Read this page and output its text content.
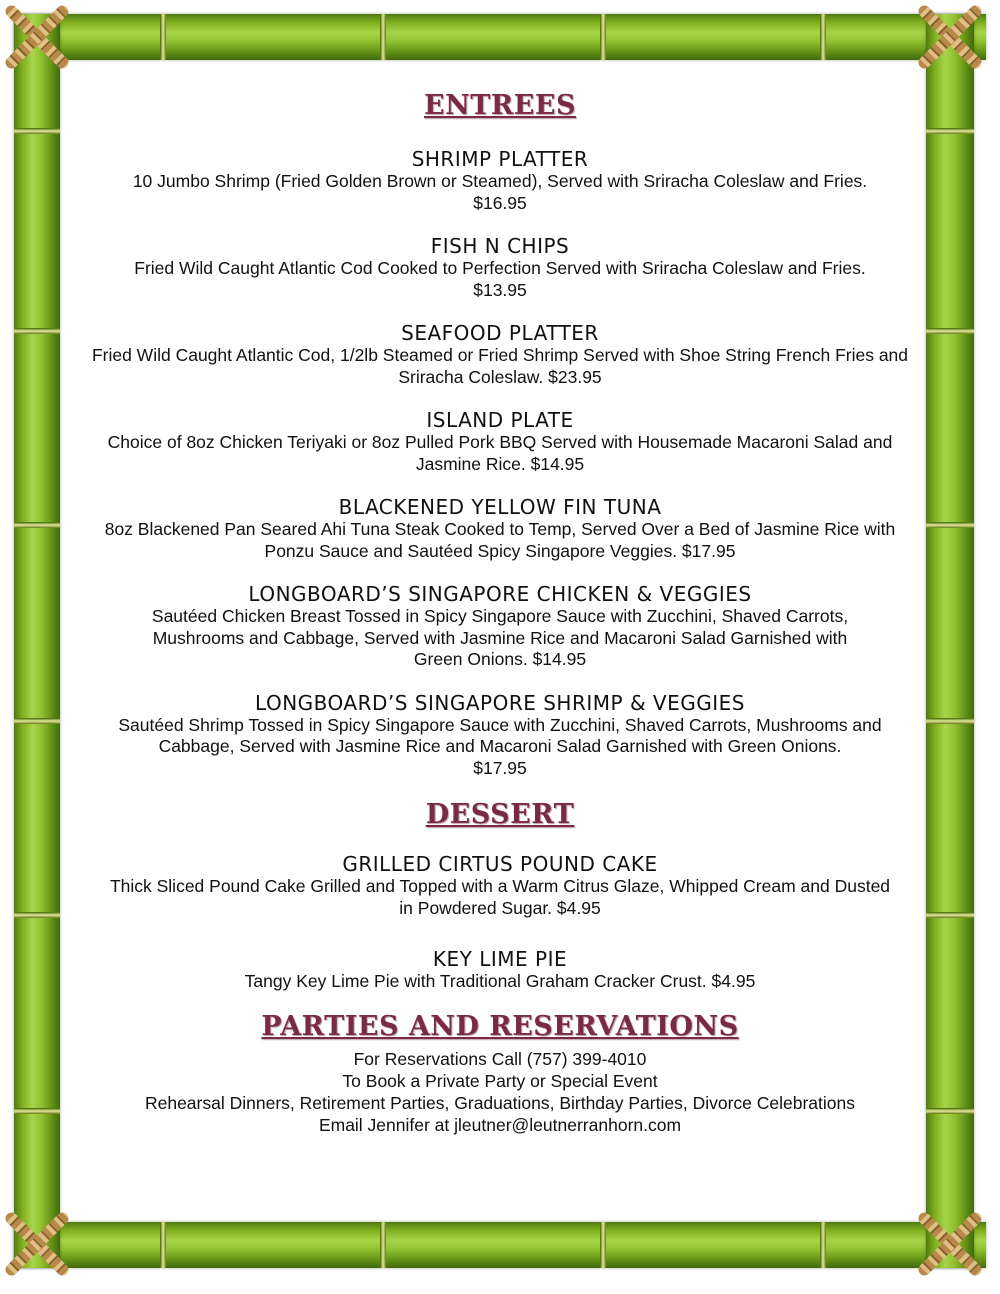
ENTREES
SHRIMP PLATTER
10 Jumbo Shrimp (Fried Golden Brown or Steamed), Served with Sriracha Coleslaw and Fries.
$16.95
FISH N CHIPS
Fried Wild Caught Atlantic Cod Cooked to Perfection Served with Sriracha Coleslaw and Fries.
$13.95
SEAFOOD PLATTER
Fried Wild Caught Atlantic Cod, 1/2lb Steamed or Fried Shrimp Served with Shoe String French Fries and Sriracha Coleslaw. $23.95
ISLAND PLATE
Choice of 8oz Chicken Teriyaki or 8oz Pulled Pork BBQ Served with Housemade Macaroni Salad and Jasmine Rice. $14.95
BLACKENED YELLOW FIN TUNA
8oz Blackened Pan Seared Ahi Tuna Steak Cooked to Temp, Served Over a Bed of Jasmine Rice with Ponzu Sauce and Sautéed Spicy Singapore Veggies. $17.95
LONGBOARD’S SINGAPORE CHICKEN & VEGGIES
Sautéed Chicken Breast Tossed in Spicy Singapore Sauce with Zucchini, Shaved Carrots, Mushrooms and Cabbage, Served with Jasmine Rice and Macaroni Salad Garnished with Green Onions. $14.95
LONGBOARD’S SINGAPORE SHRIMP & VEGGIES
Sautéed Shrimp Tossed in Spicy Singapore Sauce with Zucchini, Shaved Carrots, Mushrooms and Cabbage, Served with Jasmine Rice and Macaroni Salad Garnished with Green Onions.
$17.95
DESSERT
GRILLED CIRTUS POUND CAKE
Thick Sliced Pound Cake Grilled and Topped with a Warm Citrus Glaze, Whipped Cream and Dusted in Powdered Sugar. $4.95
KEY LIME PIE
Tangy Key Lime Pie with Traditional Graham Cracker Crust. $4.95
PARTIES AND RESERVATIONS

For Reservations Call (757) 399-4010

To Book a Private Party or Special Event

Rehearsal Dinners, Retirement Parties, Graduations, Birthday Parties, Divorce Celebrations

Email Jennifer at jleutner@leutnerranhorn.com
